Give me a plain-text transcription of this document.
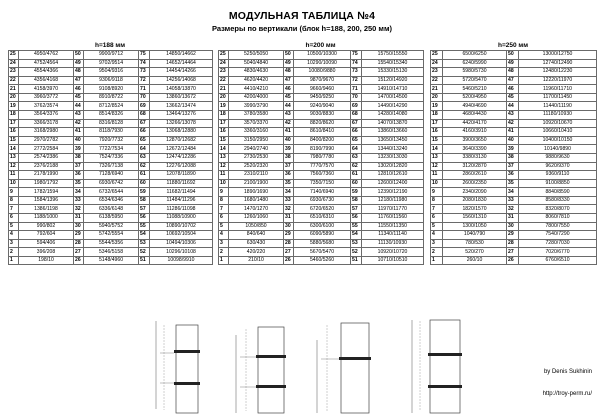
МОДУЛЬНАЯ ТАБЛИЦА №4
Размеры по вертикали (блок h=188, 200, 250 мм)
h=188 мм
25	4950/4762	50	9900/9712	75	14850/14662
24	4752/4564	49	9702/9514	74	14652/14464
23	4554/4366	48	9504/9316	73	14454/14266
22	4356/4168	47	9306/9118	72	14256/14068
21	4158/3970	46	9108/8920	71	14058/13870
20	3960/3772	45	8910/8722	70	13860/13672
19	3762/3574	44	8712/8524	69	13662/13474
18	3564/3376	43	8514/8326	68	13464/13276
17	3366/3178	42	8316/8128	67	13266/13078
16	3168/2980	41	8118/7930	66	13068/12880
15	2970/2782	40	7920/7732	65	12870/12682
14	2772/2584	39	7722/7534	64	12672/12484
13	2574/2386	38	7524/7336	63	12474/12286
12	2376/2188	37	7326/7138	62	12276/12088
11	2178/1990	36	7128/6940	61	12078/11890
10	1980/1792	35	6930/6742	60	11880/11692
9	1782/1594	34	6732/6544	59	11682/11494
8	1584/1396	33	6534/6346	58	11484/11296
7	1386/1198	32	6336/6148	57	11286/11098
6	1188/1000	31	6138/5950	56	11088/10900
5	990/802	30	5940/5752	55	10890/10702
4	792/604	29	5742/5554	54	10692/10504
3	594/406	28	5544/5356	53	10494/10306
2	396/208	27	5346/5158	52	10296/10108
1	198/10	26	5148/4960	51	10098/9910
h=200 мм
25	5250/5050	50	10500/10300	75	15750/15550
24	5040/4840	49	10290/10090	74	15540/15340
23	4830/4630	48	10080/9880	73	15330/15130
22	4620/4420	47	9870/9670	72	15120/14920
21	4410/4210	46	9660/9460	71	14910/14710
20	4200/4000	45	9450/9250	70	14700/14500
19	3990/3790	44	9240/9040	69	14490/14290
18	3780/3580	43	9030/8830	68	14280/14080
17	3570/3370	42	8820/8620	67	14070/13870
16	3360/3160	41	8610/8410	66	13860/13660
15	3150/2950	40	8400/8200	65	13650/13450
14	2940/2740	39	8190/7990	64	13440/13240
13	2730/2530	38	7980/7780	63	13230/13030
12	2520/2320	37	7770/7570	62	13020/12820
11	2310/2110	36	7560/7360	61	12810/12610
10	2100/1900	35	7350/7150	60	12600/12400
9	1890/1690	34	7140/6940	59	12390/12190
8	1680/1480	33	6930/6730	58	12180/11980
7	1470/1270	32	6720/6520	57	11970/11770
6	1260/1060	31	6510/6310	56	11760/11560
5	1050/850	30	6300/6100	55	11550/11350
4	840/640	29	6090/5890	54	11340/11140
3	630/430	28	5880/5680	53	11130/10930
2	420/220	27	5670/5470	52	10920/10720
1	210/10	26	5460/5260	51	10710/10510
h=250 мм
25	6500/6250	50	13000/12750
24	6240/5990	49	12740/12490
23	5980/5730	48	12480/12230
22	5720/5470	47	12220/11970
21	5460/5210	46	11960/11710
20	5200/4950	45	11700/11450
19	4940/4690	44	11440/11190
18	4680/4430	43	11180/10930
17	4420/4170	42	10920/10670
16	4160/3910	41	10660/10410
15	3900/3650	40	10400/10150
14	3640/3390	39	10140/9890
13	3380/3130	38	9880/9630
12	3120/2870	37	9620/9370
11	2860/2610	36	9360/9110
10	2600/2350	35	9100/8850
9	2340/2090	34	8840/8590
8	2080/1830	33	8580/8330
7	1820/1570	32	8320/8070
6	1560/1310	31	8060/7810
5	1300/1050	30	7800/7550
4	1040/790	29	7540/7290
3	780/530	28	7280/7030
2	520/270	27	7020/6770
1	260/10	26	6760/6510
by Denis Sukhinin
http://troy-perm.ru/
